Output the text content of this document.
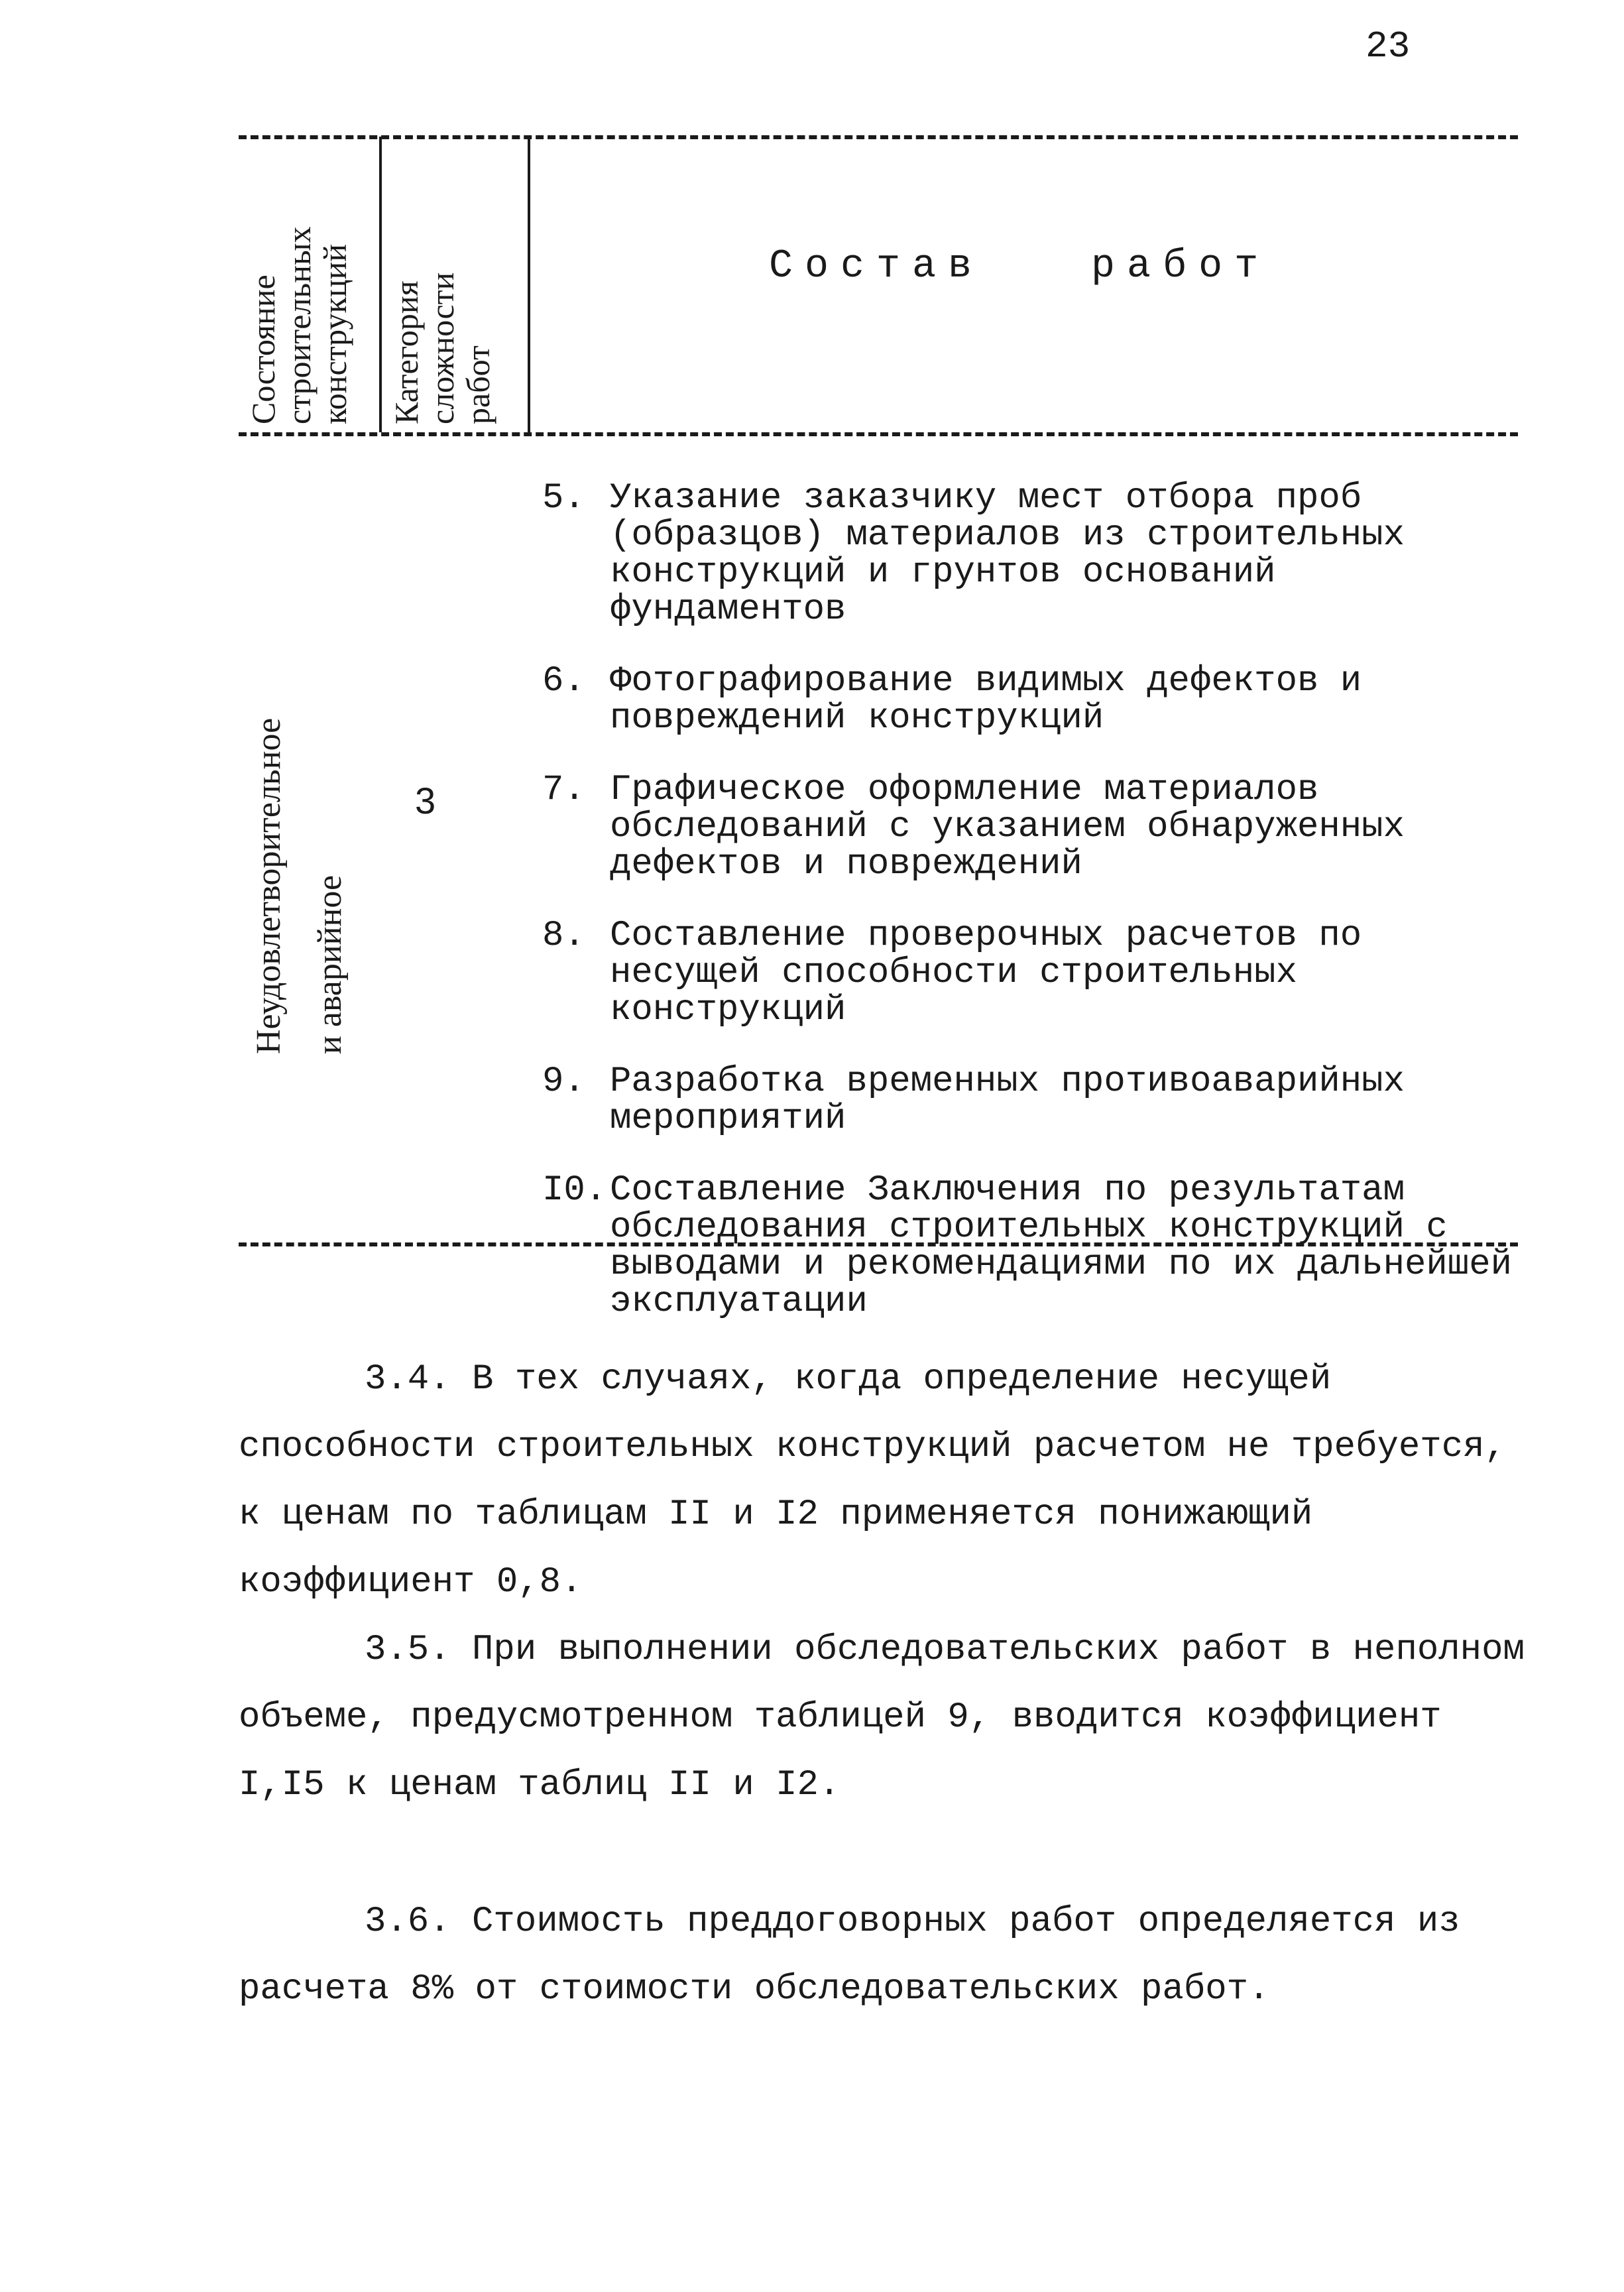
23
Состояние
строительных
конструкций	Категория
сложности
работ
Состав   работ
Неудовлетворительное
и аварийное
3
5. Указание заказчику мест отбора проб (образцов) материалов из строительных конструкций и грунтов оснований фундаментов
6. Фотографирование видимых дефектов и повреждений конструкций
7. Графическое оформление материалов обследований с указанием обнаруженных дефектов и повреждений
8. Составление проверочных расчетов по несущей способности строительных конструкций
9. Разработка временных противоаварийных мероприятий
I0. Составление Заключения по результатам обследования строительных конструкций с выводами и рекомендациями по их дальнейшей эксплуатации

3.4. В тех случаях, когда определение несущей способности строительных конструкций расчетом не требуется, к ценам по таблицам II и I2 применяется понижающий коэффициент 0,8.

3.5. При выполнении обследовательских работ в неполном объеме, предусмотренном таблицей 9, вводится коэффициент I,I5 к ценам таблиц II и I2.

3.6. Стоимость преддоговорных работ определяется из расчета 8% от стоимости обследовательских работ.
